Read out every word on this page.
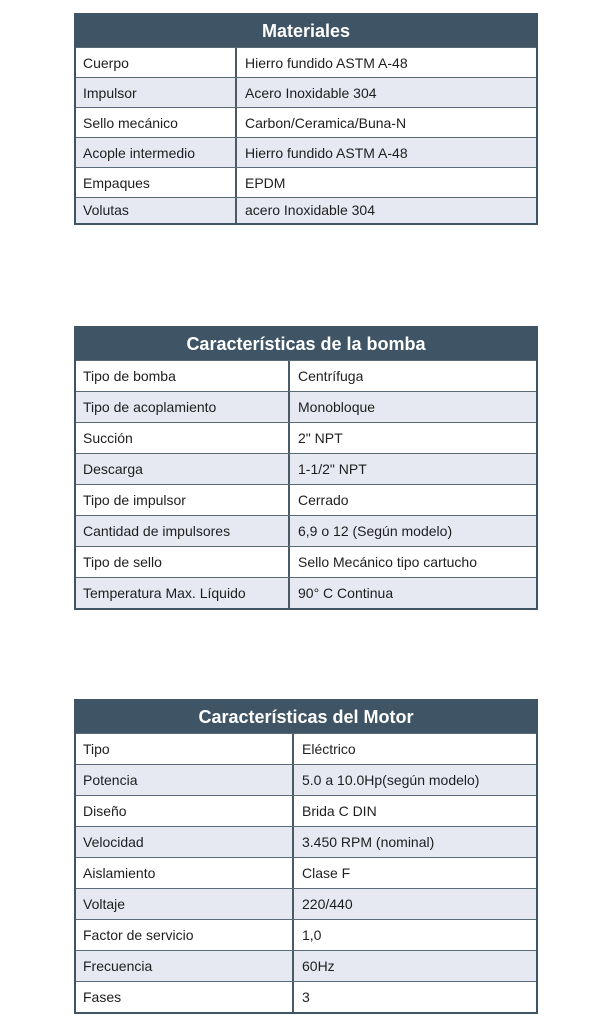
Materiales
Cuerpo	Hierro fundido ASTM A-48
Impulsor	Acero Inoxidable 304
Sello mecánico	Carbon/Ceramica/Buna-N
Acople intermedio	Hierro fundido ASTM A-48
Empaques	EPDM
Volutas	acero Inoxidable 304
Características de la bomba
Tipo de bomba	Centrífuga
Tipo de acoplamiento	Monobloque
Succión	2" NPT
Descarga	1-1/2" NPT
Tipo de impulsor	Cerrado
Cantidad de impulsores	6,9 o 12 (Según modelo)
Tipo de sello	Sello Mecánico tipo cartucho
Temperatura Max. Líquido	90° C Continua
Características del Motor
Tipo	Eléctrico
Potencia	5.0 a 10.0Hp(según modelo)
Diseño	Brida C DIN
Velocidad	3.450 RPM (nominal)
Aislamiento	Clase F
Voltaje	220/440
Factor de servicio	1,0
Frecuencia	60Hz
Fases	3
